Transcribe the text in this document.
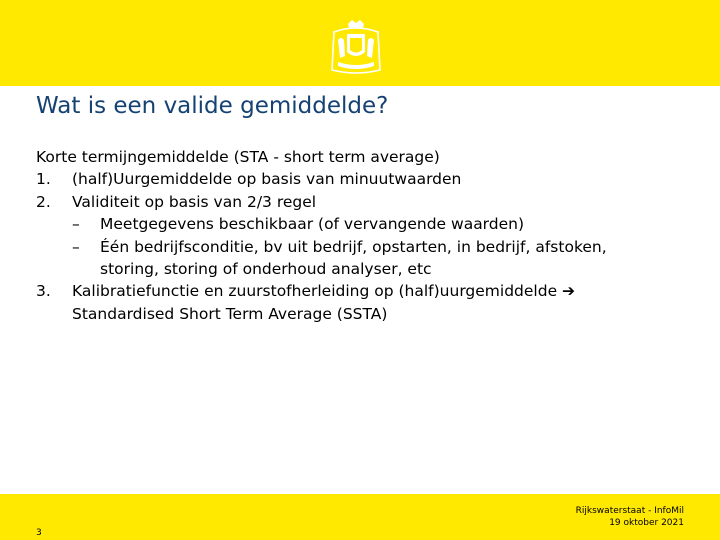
Wat is een valide gemiddelde?
Korte termijngemiddelde (STA - short term average)
1. (half)Uurgemiddelde op basis van minuutwaarden
2. Validiteit op basis van 2/3 regel
– Meetgegevens beschikbaar (of vervangende waarden)
– Één bedrijfsconditie, bv uit bedrijf, opstarten, in bedrijf, afstoken,
storing, storing of onderhoud analyser, etc
3. Kalibratiefunctie en zuurstofherleiding op (half)uurgemiddelde ➔
Standardised Short Term Average (SSTA)
3
Rijkswaterstaat - InfoMil
19 oktober 2021
